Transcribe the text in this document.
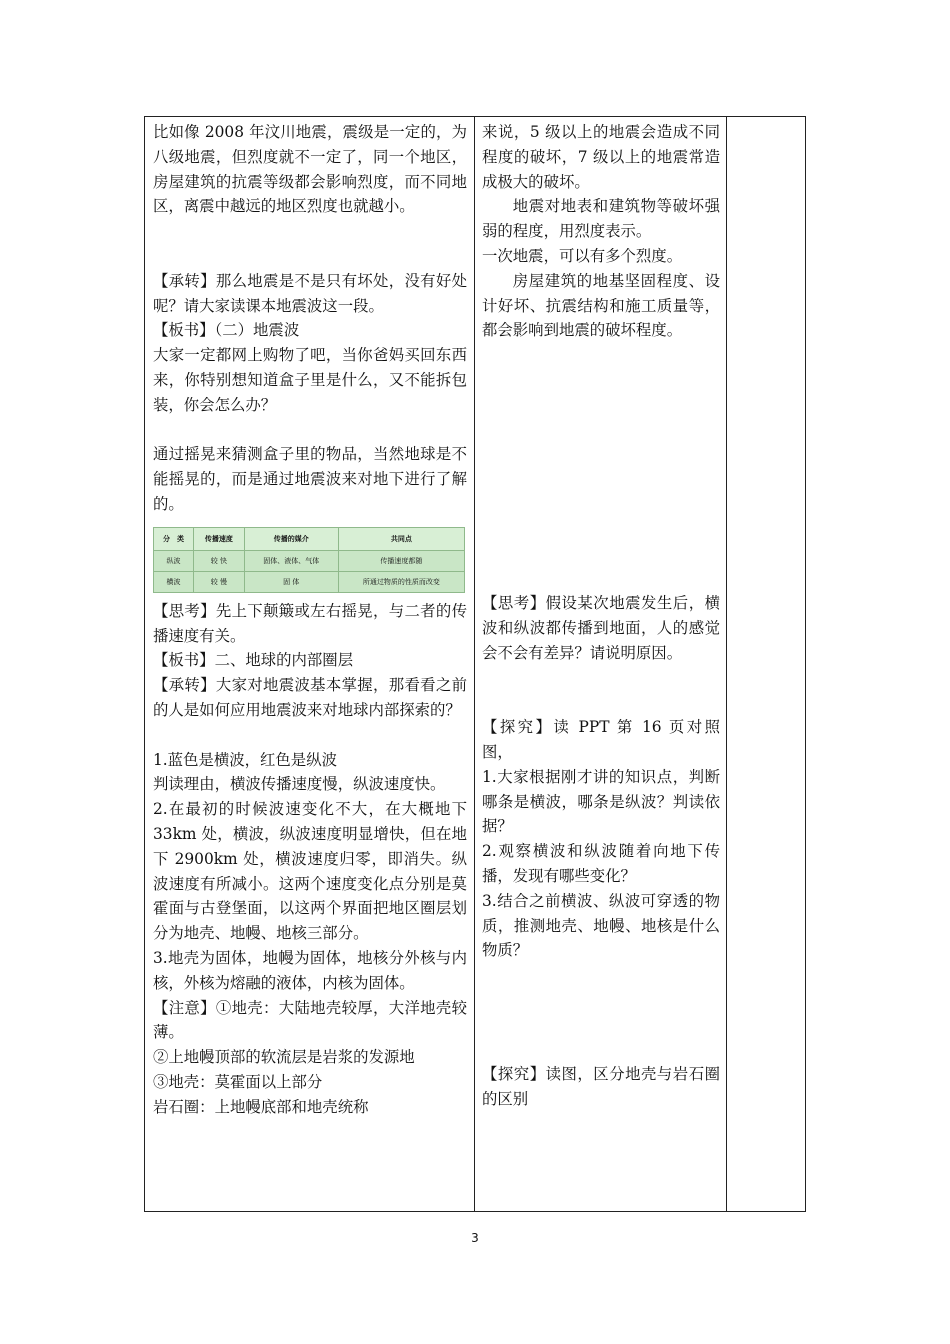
比如像 2008 年汶川地震，震级是一定的，为八级地震，但烈度就不一定了，同一个地区，房屋建筑的抗震等级都会影响烈度，而不同地区，离震中越远的地区烈度也就越小。

【承转】那么地震是不是只有坏处，没有好处呢？请大家读课本地震波这一段。

【板书】（二）地震波

大家一定都网上购物了吧，当你爸妈买回东西来，你特别想知道盒子里是什么，又不能拆包装，你会怎么办？

通过摇晃来猜测盒子里的物品，当然地球是不能摇晃的，而是通过地震波来对地下进行了解的。

分　类	传播速度	传播的媒介	共同点
纵波	较 快	固体、液体、气体	传播速度都随
横波	较 慢	固 体	所通过物质的性质而改变

【思考】先上下颠簸或左右摇晃，与二者的传播速度有关。

【板书】二、地球的内部圈层

【承转】大家对地震波基本掌握，那看看之前的人是如何应用地震波来对地球内部探索的？

1.蓝色是横波，红色是纵波

判读理由，横波传播速度慢，纵波速度快。

2.在最初的时候波速变化不大，在大概地下 33km 处，横波，纵波速度明显增快，但在地下 2900km 处，横波速度归零，即消失。纵波速度有所减小。这两个速度变化点分别是莫霍面与古登堡面，以这两个界面把地区圈层划分为地壳、地幔、地核三部分。

3.地壳为固体，地幔为固体，地核分外核与内核，外核为熔融的液体，内核为固体。

【注意】①地壳：大陆地壳较厚，大洋地壳较薄。

②上地幔顶部的软流层是岩浆的发源地

③地壳：莫霍面以上部分

岩石圈：上地幔底部和地壳统称

来说，5 级以上的地震会造成不同程度的破坏，7 级以上的地震常造成极大的破坏。

地震对地表和建筑物等破坏强弱的程度，用烈度表示。

一次地震，可以有多个烈度。

房屋建筑的地基坚固程度、设计好坏、抗震结构和施工质量等，都会影响到地震的破坏程度。

【思考】假设某次地震发生后，横波和纵波都传播到地面，人的感觉会不会有差异？请说明原因。

【探究】读 PPT 第 16 页对照图，

1.大家根据刚才讲的知识点，判断哪条是横波，哪条是纵波？判读依据？

2.观察横波和纵波随着向地下传播，发现有哪些变化？

3.结合之前横波、纵波可穿透的物质，推测地壳、地幔、地核是什么物质？

【探究】读图，区分地壳与岩石圈的区别

3
